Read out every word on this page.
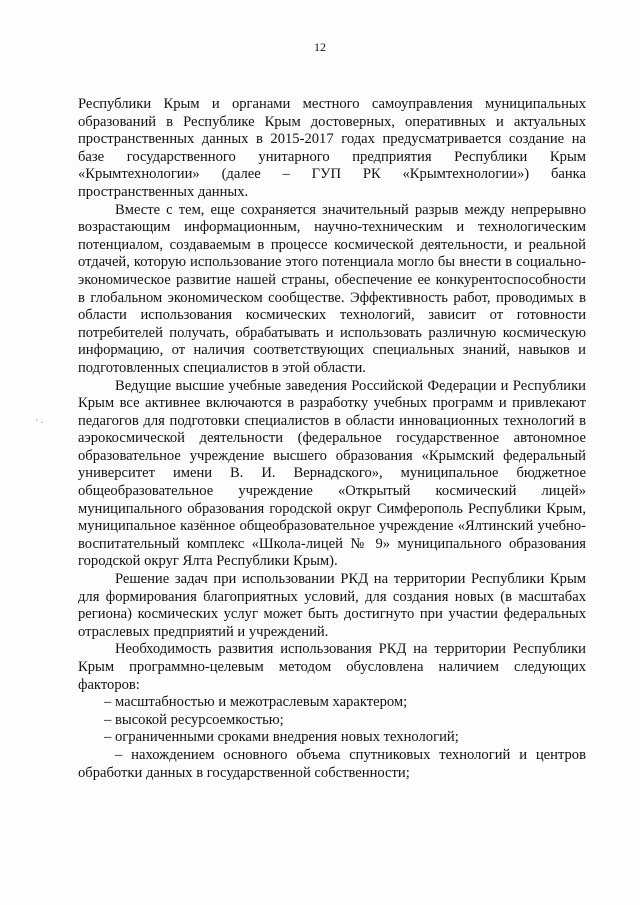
12
' ·

Республики Крым и органами местного самоуправления муниципальных образований в Республике Крым достоверных, оперативных и актуальных пространственных данных в 2015-2017 годах предусматривается создание на базе государственного унитарного предприятия Республики Крым «Крымтехнологии» (далее – ГУП РК «Крымтехнологии») банка пространственных данных.

Вместе с тем, еще сохраняется значительный разрыв между непрерывно возрастающим информационным, научно-техническим и технологическим потенциалом, создаваемым в процессе космической деятельности, и реальной отдачей, которую использование этого потенциала могло бы внести в социально-экономическое развитие нашей страны, обеспечение ее конкурентоспособности в глобальном экономическом сообществе. Эффективность работ, проводимых в области использования космических технологий, зависит от готовности потребителей получать, обрабатывать и использовать различную космическую информацию, от наличия соответствующих специальных знаний, навыков и подготовленных специалистов в этой области.

Ведущие высшие учебные заведения Российской Федерации и Республики Крым все активнее включаются в разработку учебных программ и привлекают педагогов для подготовки специалистов в области инновационных технологий в аэрокосмической деятельности (федеральное государственное автономное образовательное учреждение высшего образования «Крымский федеральный университет имени В. И. Вернадского», муниципальное бюджетное общеобразовательное учреждение «Открытый космический лицей» муниципального образования городской округ Симферополь Республики Крым, муниципальное казённое общеобразовательное учреждение «Ялтинский учебно-воспитательный комплекс «Школа-лицей № 9» муниципального образования городской округ Ялта Республики Крым).

Решение задач при использовании РКД на территории Республики Крым для формирования благоприятных условий, для создания новых (в масштабах региона) космических услуг может быть достигнуто при участии федеральных отраслевых предприятий и учреждений.

Необходимость развития использования РКД на территории Республики Крым программно-целевым методом обусловлена наличием следующих факторов:

– масштабностью и межотраслевым характером;
– высокой ресурсоемкостью;
– ограниченными сроками внедрения новых технологий;
– нахождением основного объема спутниковых технологий и центров обработки данных в государственной собственности;
